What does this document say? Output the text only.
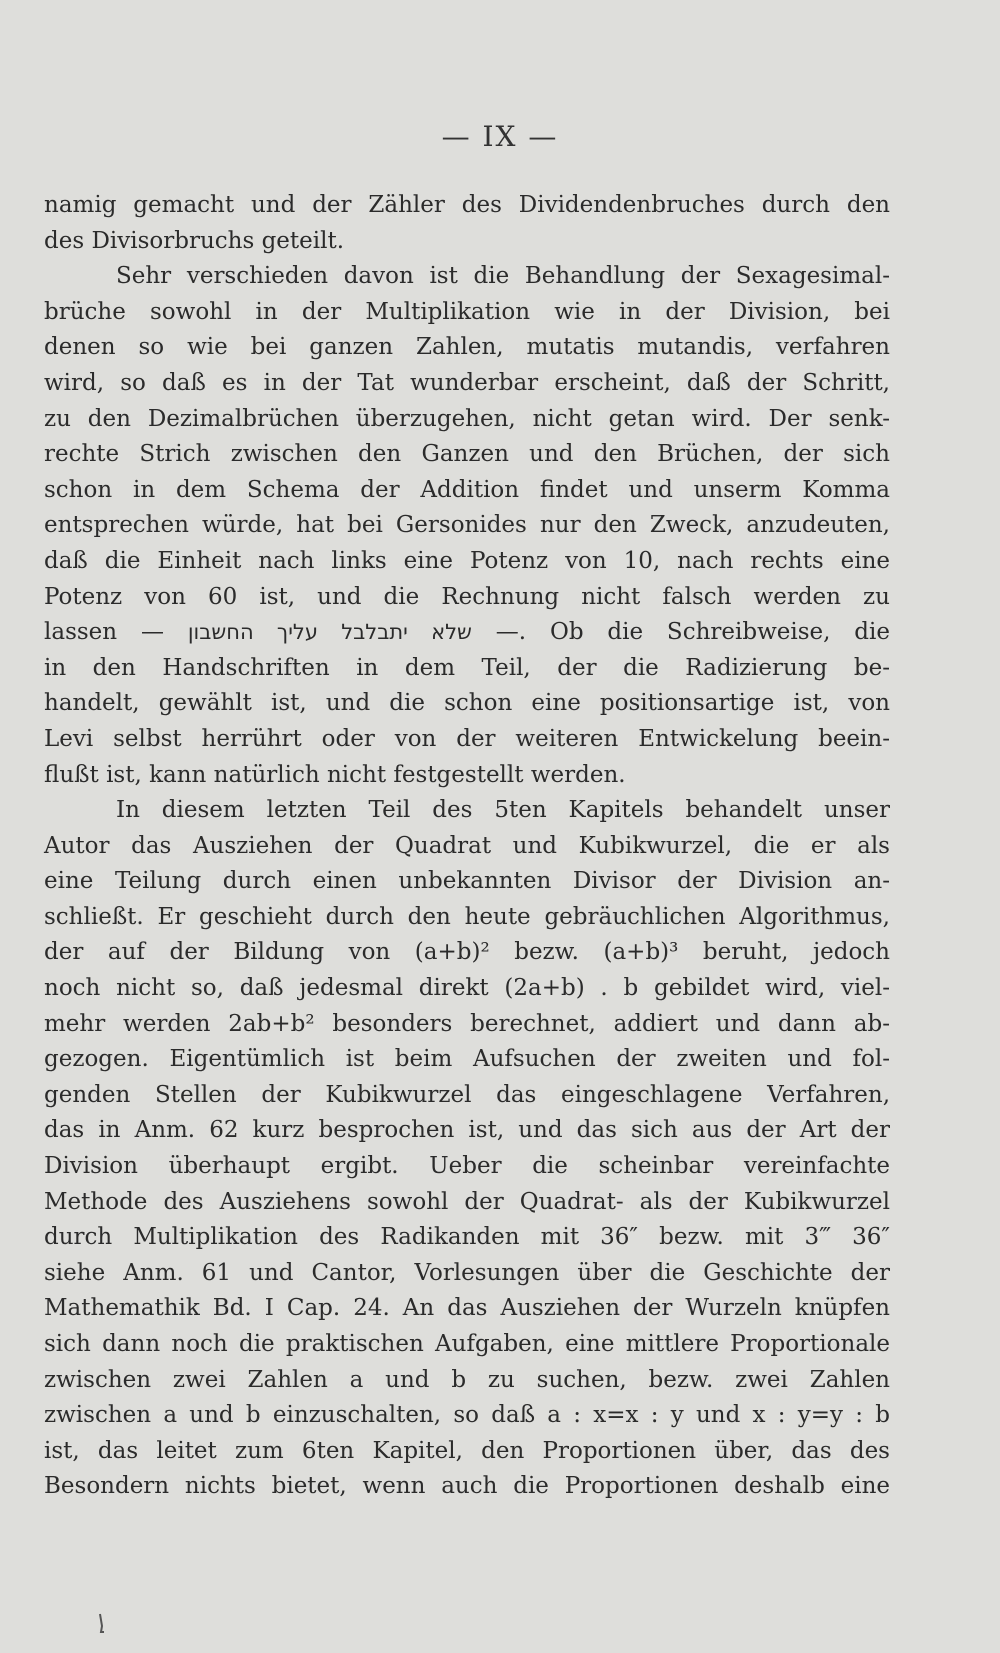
— IX —
namig gemacht und der Zähler des Dividendenbruches durch den
des Divisorbruchs geteilt.
Sehr verschieden davon ist die Behandlung der Sexagesimal-
brüche sowohl in der Multiplikation wie in der Division, bei
denen so wie bei ganzen Zahlen, mutatis mutandis, verfahren
wird, so daß es in der Tat wunderbar erscheint, daß der Schritt,
zu den Dezimalbrüchen überzugehen, nicht getan wird. Der senk-
rechte Strich zwischen den Ganzen und den Brüchen, der sich
schon in dem Schema der Addition findet und unserm Komma
entsprechen würde, hat bei Gersonides nur den Zweck, anzudeuten,
daß die Einheit nach links eine Potenz von 10, nach rechts eine
Potenz von 60 ist, und die Rechnung nicht falsch werden zu
lassen — שלא יתבלבל עליך החשבון —. Ob die Schreibweise, die
in den Handschriften in dem Teil, der die Radizierung be-
handelt, gewählt ist, und die schon eine positionsartige ist, von
Levi selbst herrührt oder von der weiteren Entwickelung beein-
flußt ist, kann natürlich nicht festgestellt werden.
In diesem letzten Teil des 5ten Kapitels behandelt unser
Autor das Ausziehen der Quadrat und Kubikwurzel, die er als
eine Teilung durch einen unbekannten Divisor der Division an-
schließt. Er geschieht durch den heute gebräuchlichen Algorithmus,
der auf der Bildung von (a+b)² bezw. (a+b)³ beruht, jedoch
noch nicht so, daß jedesmal direkt (2a+b) . b gebildet wird, viel-
mehr werden 2ab+b² besonders berechnet, addiert und dann ab-
gezogen. Eigentümlich ist beim Aufsuchen der zweiten und fol-
genden Stellen der Kubikwurzel das eingeschlagene Verfahren,
das in Anm. 62 kurz besprochen ist, und das sich aus der Art der
Division überhaupt ergibt. Ueber die scheinbar vereinfachte
Methode des Ausziehens sowohl der Quadrat- als der Kubikwurzel
durch Multiplikation des Radikanden mit 36″ bezw. mit 3‴ 36″
siehe Anm. 61 und Cantor, Vorlesungen über die Geschichte der
Mathemathik Bd. I Cap. 24. An das Ausziehen der Wurzeln knüpfen
sich dann noch die praktischen Aufgaben, eine mittlere Proportionale
zwischen zwei Zahlen a und b zu suchen, bezw. zwei Zahlen
zwischen a und b einzuschalten, so daß a : x=x : y und x : y=y : b
ist, das leitet zum 6ten Kapitel, den Proportionen über, das des
Besondern nichts bietet, wenn auch die Proportionen deshalb eine
